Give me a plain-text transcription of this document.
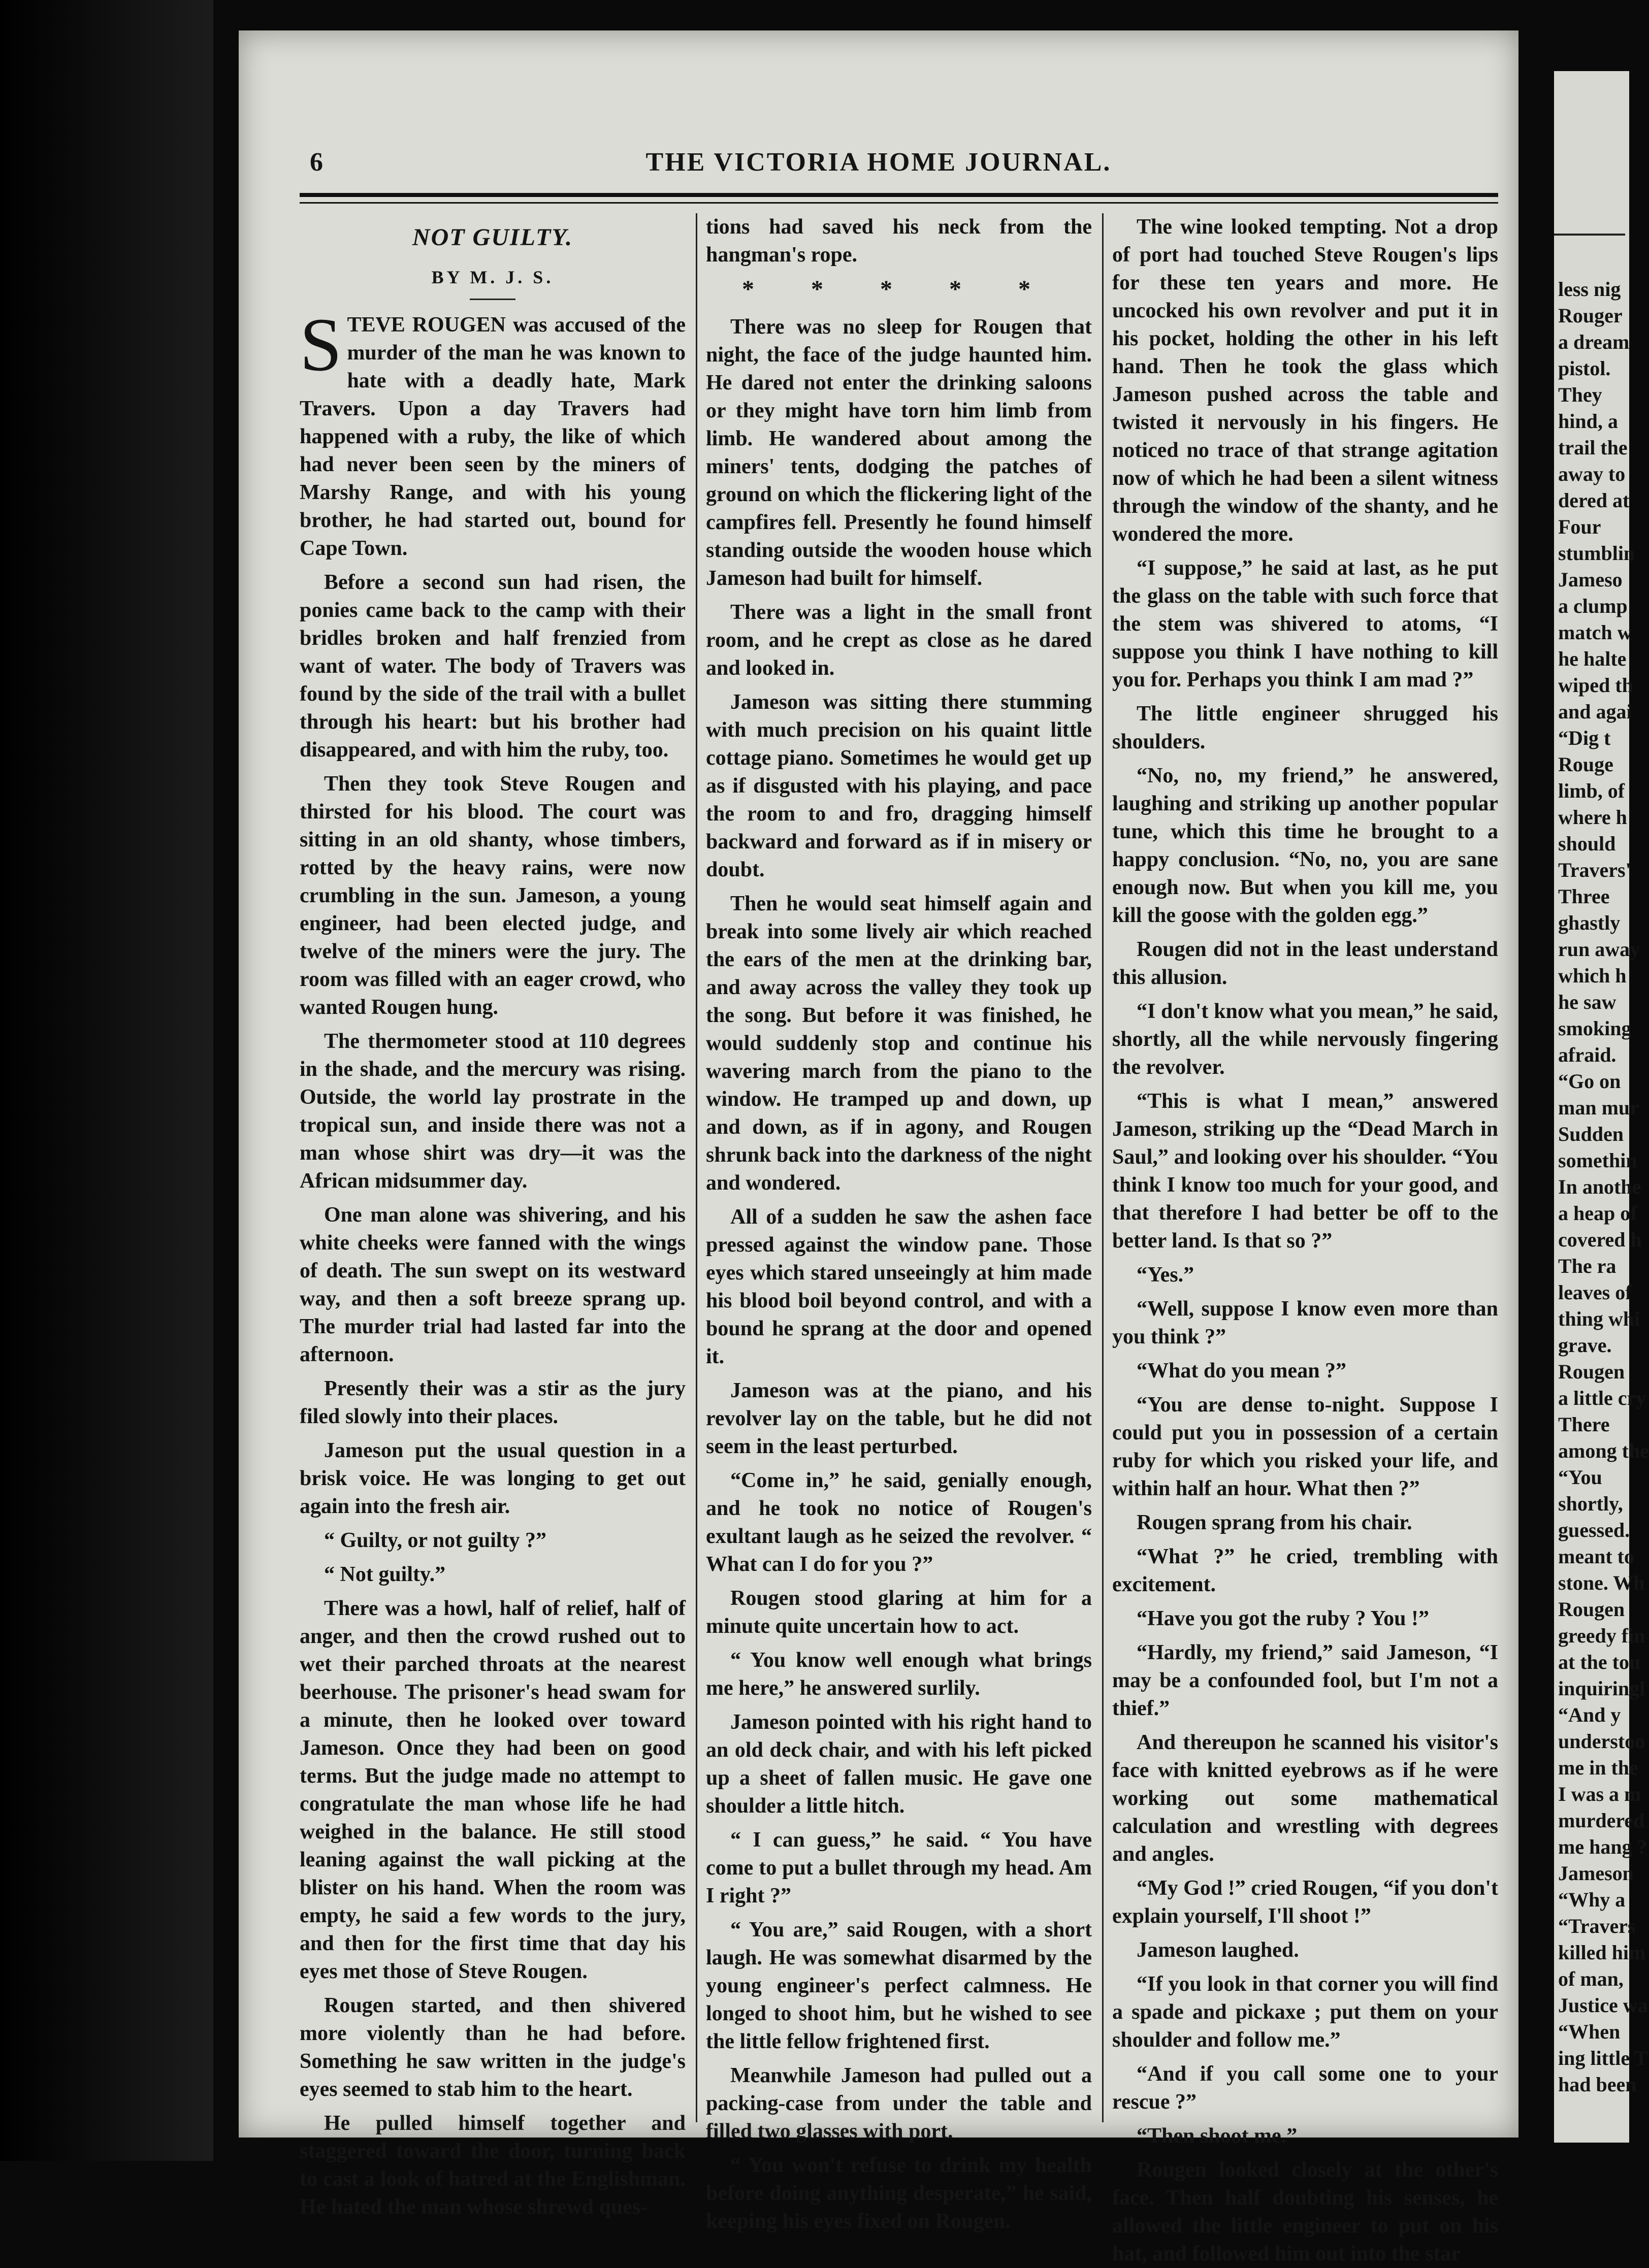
6	THE VICTORIA HOME JOURNAL.
NOT GUILTY.
BY M. J. S.

STEVE ROUGEN was accused of the murder of the man he was known to hate with a deadly hate, Mark Travers. Upon a day Travers had happened with a ruby, the like of which had never been seen by the miners of Marshy Range, and with his young brother, he had started out, bound for Cape Town.

Before a second sun had risen, the ponies came back to the camp with their bridles broken and half frenzied from want of water. The body of Travers was found by the side of the trail with a bullet through his heart: but his brother had disappeared, and with him the ruby, too.

Then they took Steve Rougen and thirsted for his blood. The court was sitting in an old shanty, whose timbers, rotted by the heavy rains, were now crumbling in the sun. Jameson, a young engineer, had been elected judge, and twelve of the miners were the jury. The room was filled with an eager crowd, who wanted Rougen hung.

The thermometer stood at 110 degrees in the shade, and the mercury was rising. Outside, the world lay prostrate in the tropical sun, and inside there was not a man whose shirt was dry—it was the African midsummer day.

One man alone was shivering, and his white cheeks were fanned with the wings of death. The sun swept on its westward way, and then a soft breeze sprang up. The murder trial had lasted far into the afternoon.

Presently their was a stir as the jury filed slowly into their places.

Jameson put the usual question in a brisk voice. He was longing to get out again into the fresh air.

“ Guilty, or not guilty ?”

“ Not guilty.”

There was a howl, half of relief, half of anger, and then the crowd rushed out to wet their parched throats at the nearest beerhouse. The prisoner's head swam for a minute, then he looked over toward Jameson. Once they had been on good terms. But the judge made no attempt to congratulate the man whose life he had weighed in the balance. He still stood leaning against the wall picking at the blister on his hand. When the room was empty, he said a few words to the jury, and then for the first time that day his eyes met those of Steve Rougen.

Rougen started, and then shivered more violently than he had before. Something he saw written in the judge's eyes seemed to stab him to the heart.

He pulled himself together and staggered toward the door, turning back to cast a look of hatred at the Englishman. He hated the man whose shrewd ques-

tions had saved his neck from the hangman's rope.

* * * * *

There was no sleep for Rougen that night, the face of the judge haunted him. He dared not enter the drinking saloons or they might have torn him limb from limb. He wandered about among the miners' tents, dodging the patches of ground on which the flickering light of the campfires fell. Presently he found himself standing outside the wooden house which Jameson had built for himself.

There was a light in the small front room, and he crept as close as he dared and looked in.

Jameson was sitting there stumming with much precision on his quaint little cottage piano. Sometimes he would get up as if disgusted with his playing, and pace the room to and fro, dragging himself backward and forward as if in misery or doubt.

Then he would seat himself again and break into some lively air which reached the ears of the men at the drinking bar, and away across the valley they took up the song. But before it was finished, he would suddenly stop and continue his wavering march from the piano to the window. He tramped up and down, up and down, as if in agony, and Rougen shrunk back into the darkness of the night and wondered.

All of a sudden he saw the ashen face pressed against the window pane. Those eyes which stared unseeingly at him made his blood boil beyond control, and with a bound he sprang at the door and opened it.

Jameson was at the piano, and his revolver lay on the table, but he did not seem in the least perturbed.

“Come in,” he said, genially enough, and he took no notice of Rougen's exultant laugh as he seized the revolver. “ What can I do for you ?”

Rougen stood glaring at him for a minute quite uncertain how to act.

“ You know well enough what brings me here,” he answered surlily.

Jameson pointed with his right hand to an old deck chair, and with his left picked up a sheet of fallen music. He gave one shoulder a little hitch.

“ I can guess,” he said. “ You have come to put a bullet through my head. Am I right ?”

“ You are,” said Rougen, with a short laugh. He was somewhat disarmed by the young engineer's perfect calmness. He longed to shoot him, but he wished to see the little fellow frightened first.

Meanwhile Jameson had pulled out a packing-case from under the table and filled two glasses with port.

“ You won't refuse to drink my health before doing anything desperate,” he said, keeping his eyes fixed on Rougen.

The wine looked tempting. Not a drop of port had touched Steve Rougen's lips for these ten years and more. He uncocked his own revolver and put it in his pocket, holding the other in his left hand. Then he took the glass which Jameson pushed across the table and twisted it nervously in his fingers. He noticed no trace of that strange agitation now of which he had been a silent witness through the window of the shanty, and he wondered the more.

“I suppose,” he said at last, as he put the glass on the table with such force that the stem was shivered to atoms, “I suppose you think I have nothing to kill you for. Perhaps you think I am mad ?”

The little engineer shrugged his shoulders.

“No, no, my friend,” he answered, laughing and striking up another popular tune, which this time he brought to a happy conclusion. “No, no, you are sane enough now. But when you kill me, you kill the goose with the golden egg.”

Rougen did not in the least understand this allusion.

“I don't know what you mean,” he said, shortly, all the while nervously fingering the revolver.

“This is what I mean,” answered Jameson, striking up the “Dead March in Saul,” and looking over his shoulder. “You think I know too much for your good, and that therefore I had better be off to the better land. Is that so ?”

“Yes.”

“Well, suppose I know even more than you think ?”

“What do you mean ?”

“You are dense to-night. Suppose I could put you in possession of a certain ruby for which you risked your life, and within half an hour. What then ?”

Rougen sprang from his chair.

“What ?” he cried, trembling with excitement.

“Have you got the ruby ? You !”

“Hardly, my friend,” said Jameson, “I may be a confounded fool, but I'm not a thief.”

And thereupon he scanned his visitor's face with knitted eyebrows as if he were working out some mathematical calculation and wrestling with degrees and angles.

“My God !” cried Rougen, “if you don't explain yourself, I'll shoot !”

Jameson laughed.

“If you look in that corner you will find a spade and pickaxe ; put them on your shoulder and follow me.”

“And if you call some one to your rescue ?”

“Then shoot me.”

Rougen looked closely at the other's face. Then half doubting his senses, he allowed the little engineer to put on his hat, and followed him out into the star

less nig

Rouger

a dream

pistol.

They

hind, a

trail the

away to

dered at

Four

stumblin

Jameso

a clump

match w

he halte

wiped th

and agai

“Dig t

Rouge

limb, of

where h

should

Travers'

Three

ghastly

run away

which h

he saw

smoking

afraid.

“Go on

man mur

Sudden

somethin

In anothe

a heap of

covered h

The ra

leaves of

thing whi

grave.

Rougen

a little cry

There

among the

“You

shortly,

guessed.

meant to

stone. Wh

Rougen

greedy fin

at the tou

inquiringl

“And y

understoo

me in the

I was a m

murdered

me hang ?

Jameson

“Why a

“Travers

killed him

of man,

Justice wa

“When

ing little T

had been
